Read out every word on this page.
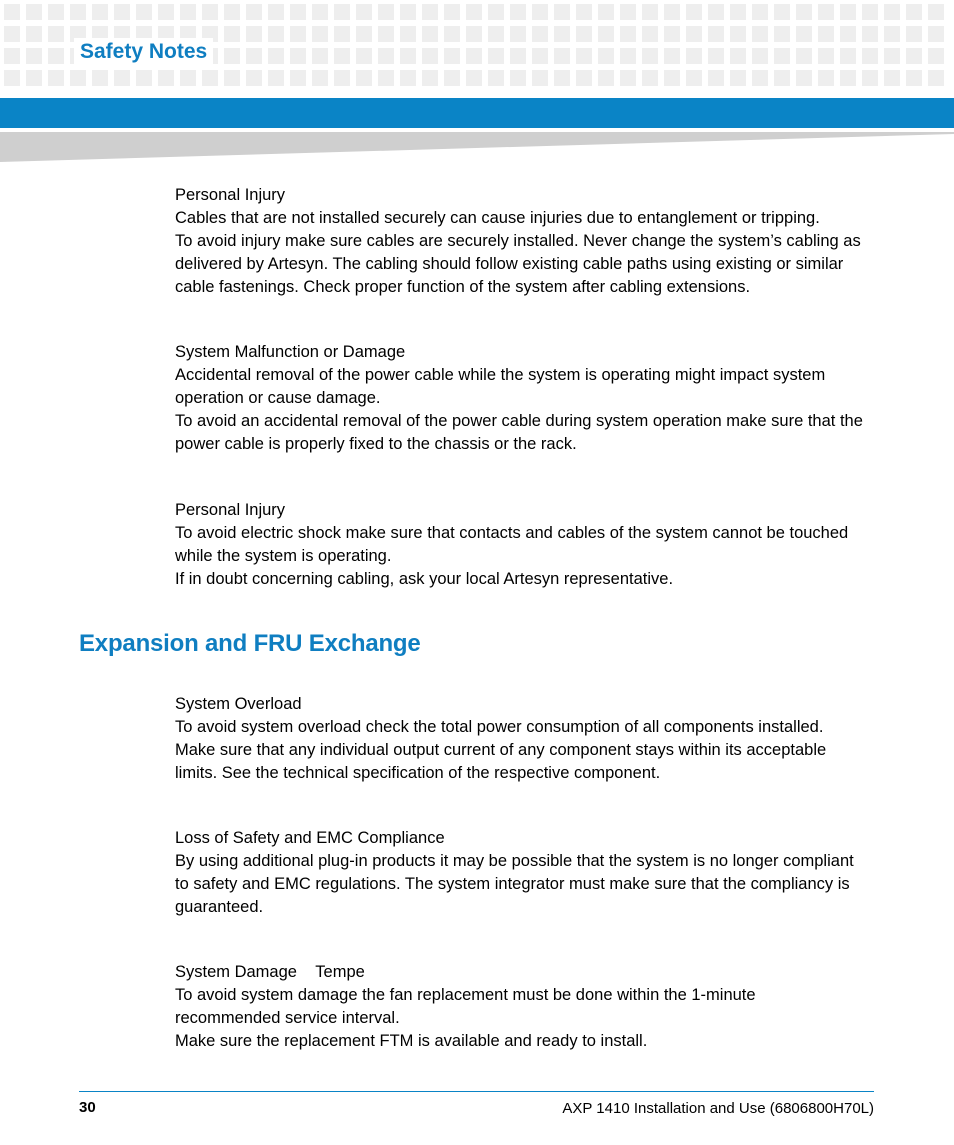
Safety Notes
Personal Injury
Cables that are not installed securely can cause injuries due to entanglement or tripping.
To avoid injury make sure cables are securely installed. Never change the system’s cabling as
delivered by Artesyn. The cabling should follow existing cable paths using existing or similar
cable fastenings. Check proper function of the system after cabling extensions.
System Malfunction or Damage
Accidental removal of the power cable while the system is operating might impact system
operation or cause damage.
To avoid an accidental removal of the power cable during system operation make sure that the
power cable is properly fixed to the chassis or the rack.
Personal Injury
To avoid electric shock make sure that contacts and cables of the system cannot be touched
while the system is operating.
If in doubt concerning cabling, ask your local Artesyn representative.
Expansion and FRU Exchange
System Overload
To avoid system overload check the total power consumption of all components installed.
Make sure that any individual output current of any component stays within its acceptable
limits. See the technical specification of the respective component.
Loss of Safety and EMC Compliance
By using additional plug-in products it may be possible that the system is no longer compliant
to safety and EMC regulations. The system integrator must make sure that the compliancy is
guaranteed.
System Damage    Tempe
To avoid system damage the fan replacement must be done within the 1-minute
recommended service interval.
Make sure the replacement FTM is available and ready to install.
30	AXP 1410 Installation and Use (6806800H70L)
